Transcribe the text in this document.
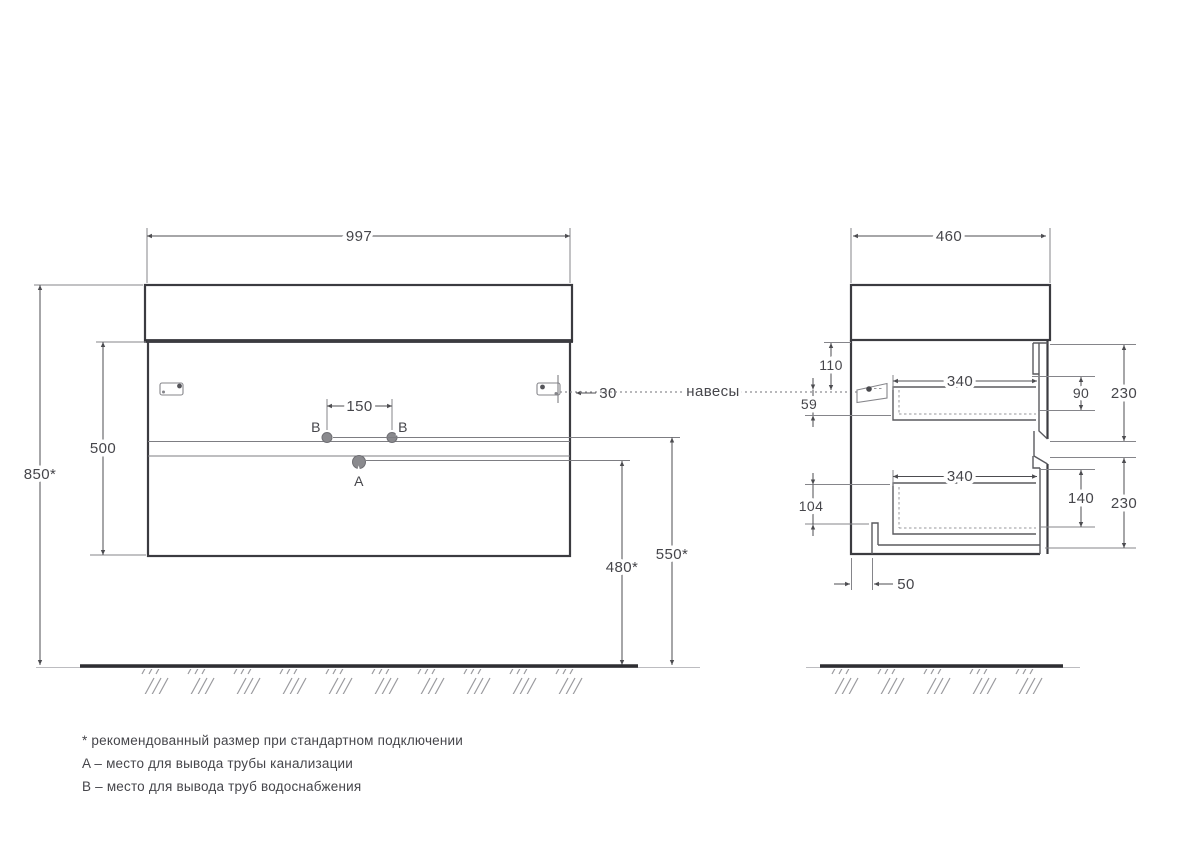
B	B
A
997
850*
500
150
30
480*
550*
навесы
460
110
59
340
90 230
340
140 230
104
50
* рекомендованный размер при стандартном подключении
A – место для вывода трубы канализации
B – место для вывода труб водоснабжения
